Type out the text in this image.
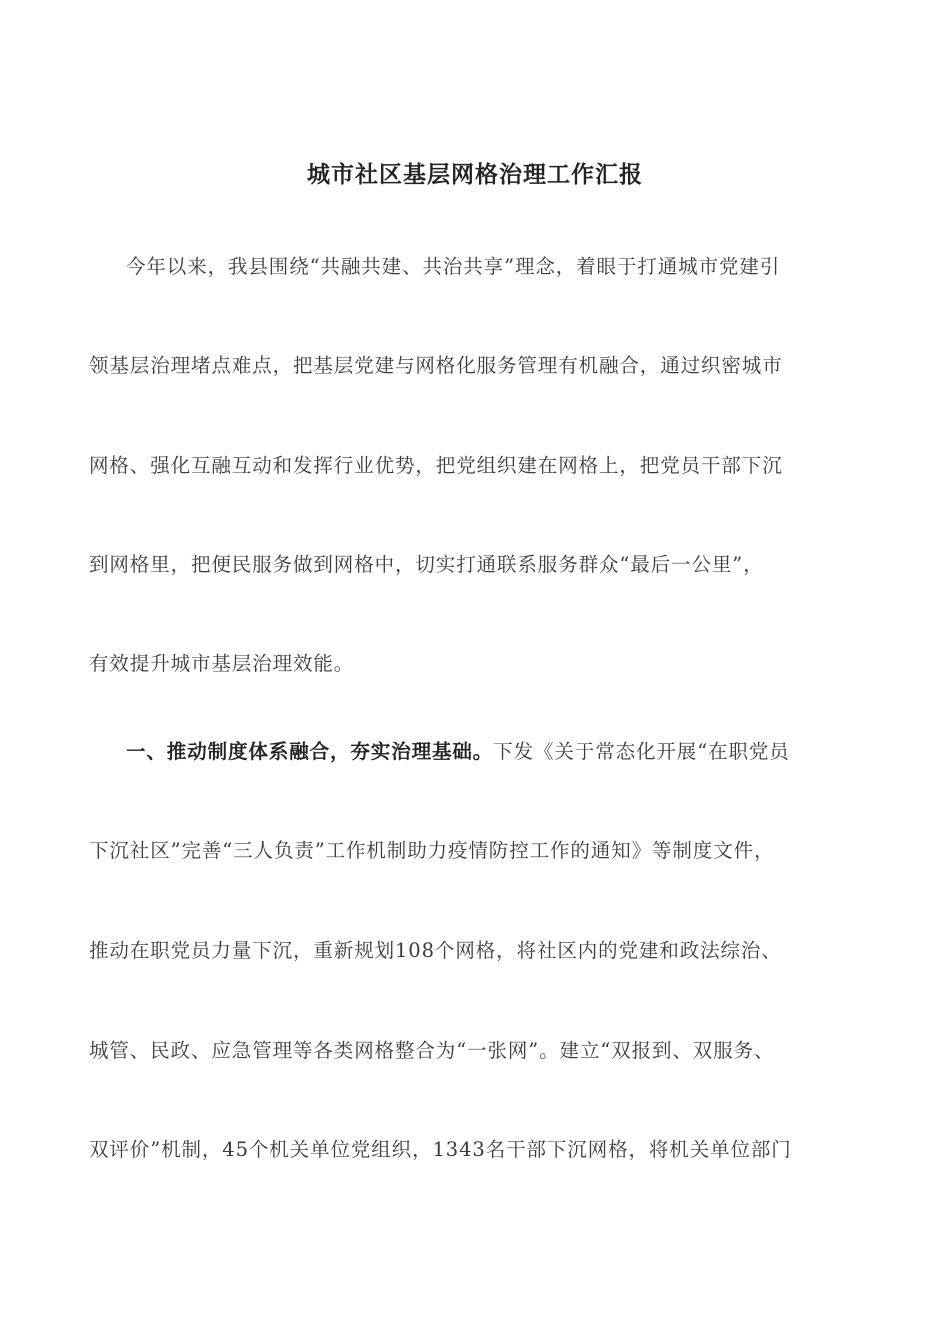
城市社区基层网格治理工作汇报
今年以来，我县围绕“共融共建、共治共享”理念，着眼于打通城市党建引
领基层治理堵点难点，把基层党建与网格化服务管理有机融合，通过织密城市
网格、强化互融互动和发挥行业优势，把党组织建在网格上，把党员干部下沉
到网格里，把便民服务做到网格中，切实打通联系服务群众“最后一公里”，
有效提升城市基层治理效能。
一、推动制度体系融合，夯实治理基础。下发《关于常态化开展“在职党员
下沉社区”完善“三人负责”工作机制助力疫情防控工作的通知》等制度文件，
推动在职党员力量下沉，重新规划108个网格，将社区内的党建和政法综治、
城管、民政、应急管理等各类网格整合为“一张网”。建立“双报到、双服务、
双评价”机制，45个机关单位党组织，1343名干部下沉网格，将机关单位部门
